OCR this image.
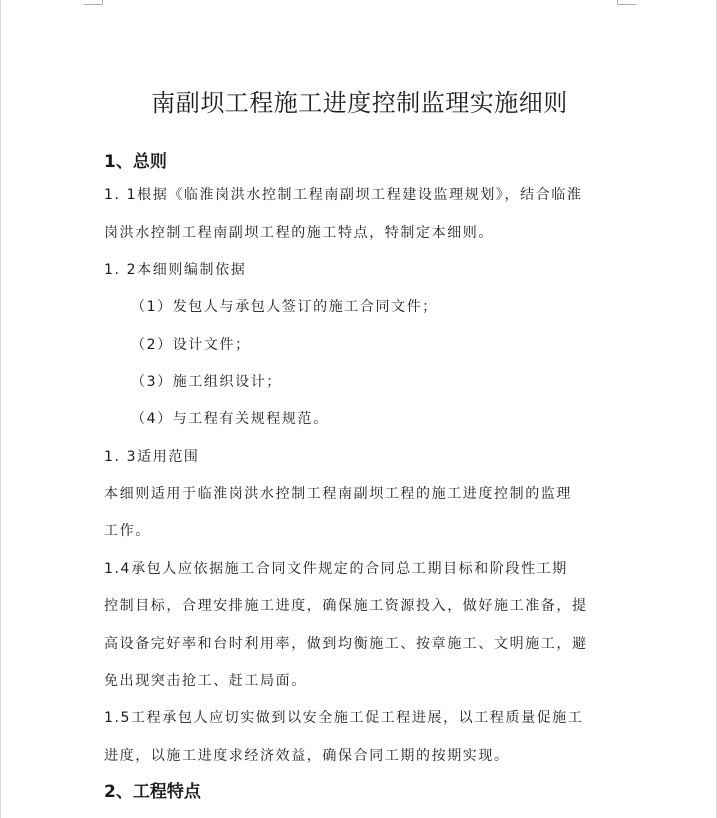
南副坝工程施工进度控制监理实施细则
1、总则
1. 1根据《临淮岗洪水控制工程南副坝工程建设监理规划》，结合临淮
岗洪水控制工程南副坝工程的施工特点，特制定本细则。
1. 2本细则编制依据
（1）发包人与承包人签订的施工合同文件；
（2）设计文件；
（3）施工组织设计；
（4）与工程有关规程规范。
1. 3适用范围
本细则适用于临淮岗洪水控制工程南副坝工程的施工进度控制的监理
工作。
1.4承包人应依据施工合同文件规定的合同总工期目标和阶段性工期
控制目标，合理安排施工进度，确保施工资源投入，做好施工准备，提
高设备完好率和台时利用率，做到均衡施工、按章施工、文明施工，避
免出现突击抢工、赶工局面。
1.5工程承包人应切实做到以安全施工促工程进展，以工程质量促施工
进度，以施工进度求经济效益，确保合同工期的按期实现。
2、工程特点
